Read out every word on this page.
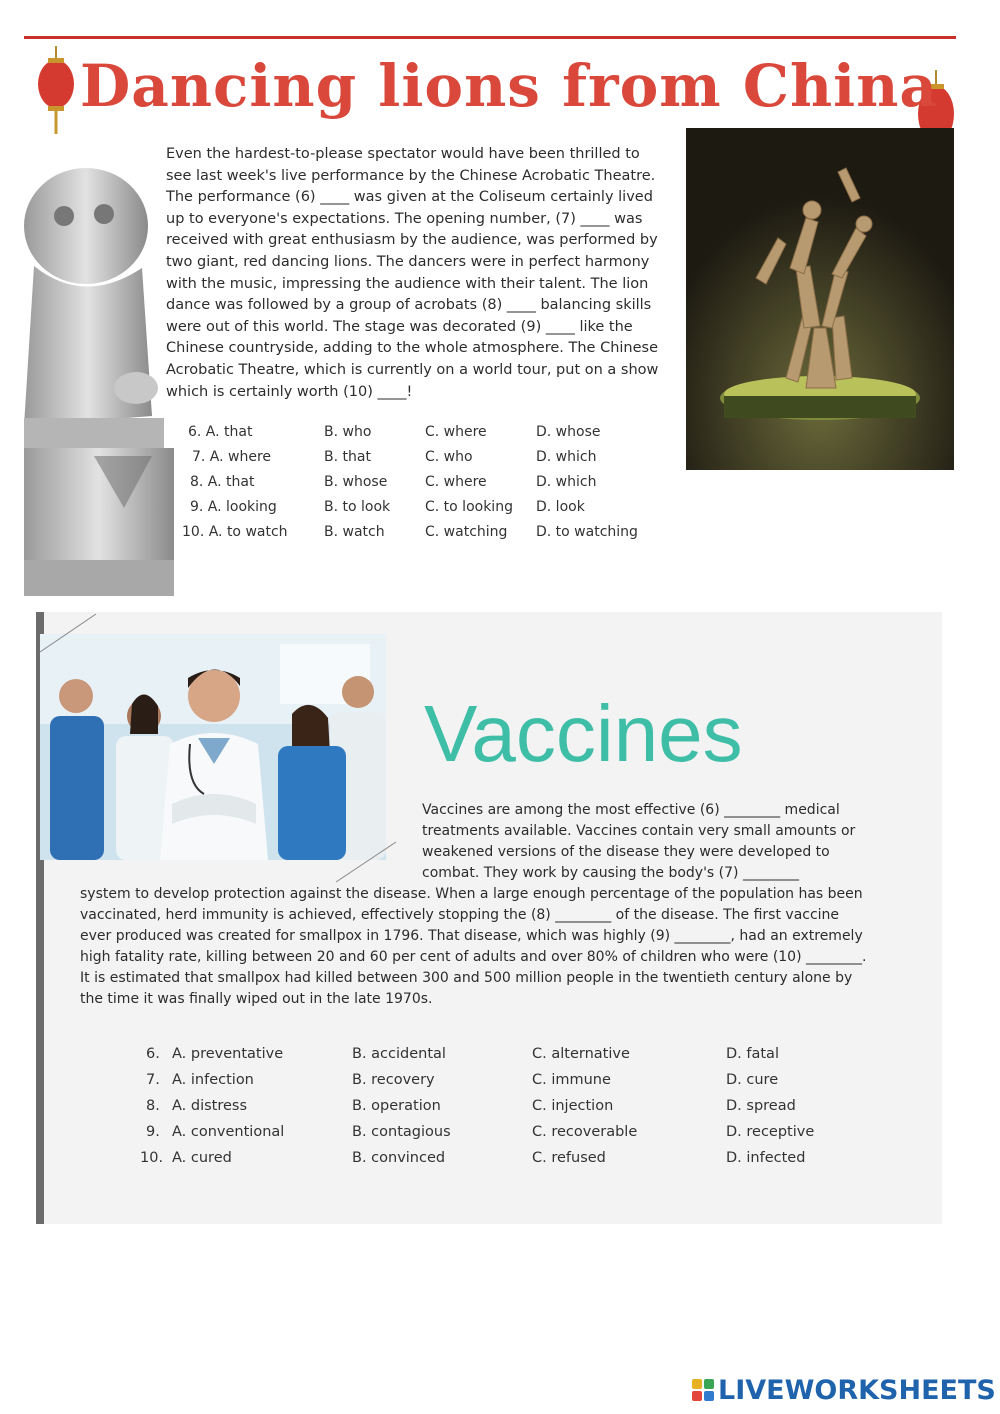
Dancing lions from China

Even the hardest-to-please spectator would have been thrilled to see last week's live performance by the Chinese Acrobatic Theatre. The performance (6) ____ was given at the Coliseum certainly lived up to everyone's expectations. The opening number, (7) ____ was received with great enthusiasm by the audience, was performed by two giant, red dancing lions. The dancers were in perfect harmony with the music, impressing the audience with their talent. The lion dance was followed by a group of acrobats (8) ____ balancing skills were out of this world. The stage was decorated (9) ____ like the Chinese countryside, adding to the whole atmosphere. The Chinese Acrobatic Theatre, which is currently on a world tour, put on a show which is certainly worth (10) ____!

6. A. that	B. who	C. where	D. whose
7. A. where	B. that	C. who	D. which
8. A. that	B. whose	C. where	D. which
9. A. looking	B. to look C. to looking D. look
10. A. to watch	B. watch	C. watching D. to watching
Vaccines

Vaccines are among the most effective (6) ________ medical treatments available. Vaccines contain very small amounts or weakened versions of the disease they were developed to combat. They work by causing the body's (7) ________

system to develop protection against the disease. When a large enough percentage of the population has been vaccinated, herd immunity is achieved, effectively stopping the (8) ________ of the disease. The first vaccine ever produced was created for smallpox in 1796. That disease, which was highly (9) ________, had an extremely high fatality rate, killing between 20 and 60 per cent of adults and over 80% of children who were (10) ________. It is estimated that smallpox had killed between 300 and 500 million people in the twentieth century alone by the time it was finally wiped out in the late 1970s.

6. A. preventative	B. accidental	C. alternative	D. fatal
7. A. infection	B. recovery	C. immune	D. cure
8. A. distress	B. operation	C. injection	D. spread
9. A. conventional	B. contagious	C. recoverable	D. receptive
10. A. cured	B. convinced	C. refused	D. infected
LIVEWORKSHEETS
